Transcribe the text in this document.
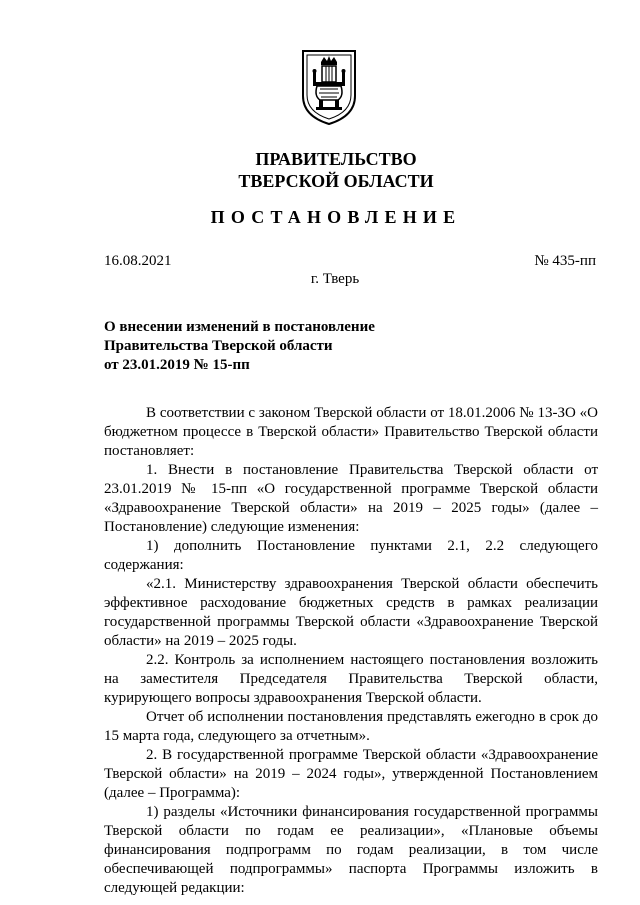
ПРАВИТЕЛЬСТВО
ТВЕРСКОЙ ОБЛАСТИ
ПОСТАНОВЛЕНИЕ
16.08.2021	№ 435-пп
г. Тверь
О внесении изменений в постановление
Правительства Тверской области
от 23.01.2019 № 15-пп

В соответствии с законом Тверской области от 18.01.2006 № 13-ЗО «О бюджетном процессе в Тверской области» Правительство Тверской области постановляет:

1. Внести в постановление Правительства Тверской области от 23.01.2019 № 15-пп «О государственной программе Тверской области «Здравоохранение Тверской области» на 2019 – 2025 годы» (далее – Постановление) следующие изменения:

1) дополнить Постановление пунктами 2.1, 2.2 следующего содержания:

«2.1. Министерству здравоохранения Тверской области обеспечить эффективное расходование бюджетных средств в рамках реализации государственной программы Тверской области «Здравоохранение Тверской области» на 2019 – 2025 годы.

2.2. Контроль за исполнением настоящего постановления возложить на заместителя Председателя Правительства Тверской области, курирующего вопросы здравоохранения Тверской области.

Отчет об исполнении постановления представлять ежегодно в срок до 15 марта года, следующего за отчетным».

2. В государственной программе Тверской области «Здравоохранение Тверской области» на 2019 – 2024 годы», утвержденной Постановлением (далее – Программа):

1) разделы «Источники финансирования государственной программы Тверской области по годам ее реализации», «Плановые объемы финансирования подпрограмм по годам реализации, в том числе обеспечивающей подпрограммы» паспорта Программы изложить в следующей редакции:
